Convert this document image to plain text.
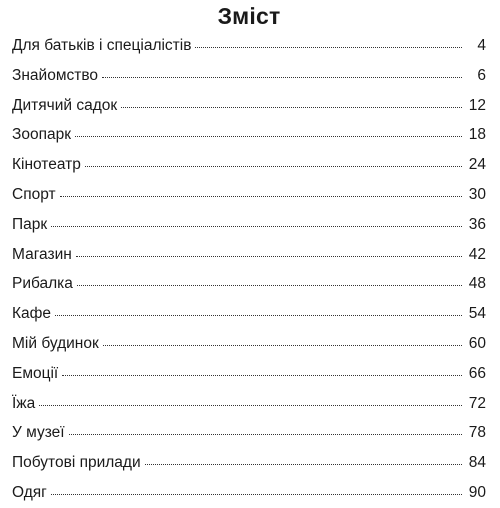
Зміст
Для батьків і спеціалістів	4
Знайомство	6
Дитячий садок	12
Зоопарк	18
Кінотеатр	24
Спорт	30
Парк	36
Магазин	42
Рибалка	48
Кафе	54
Мій будинок	60
Емоції	66
Їжа	72
У музеї	78
Побутові прилади	84
Одяг	90
